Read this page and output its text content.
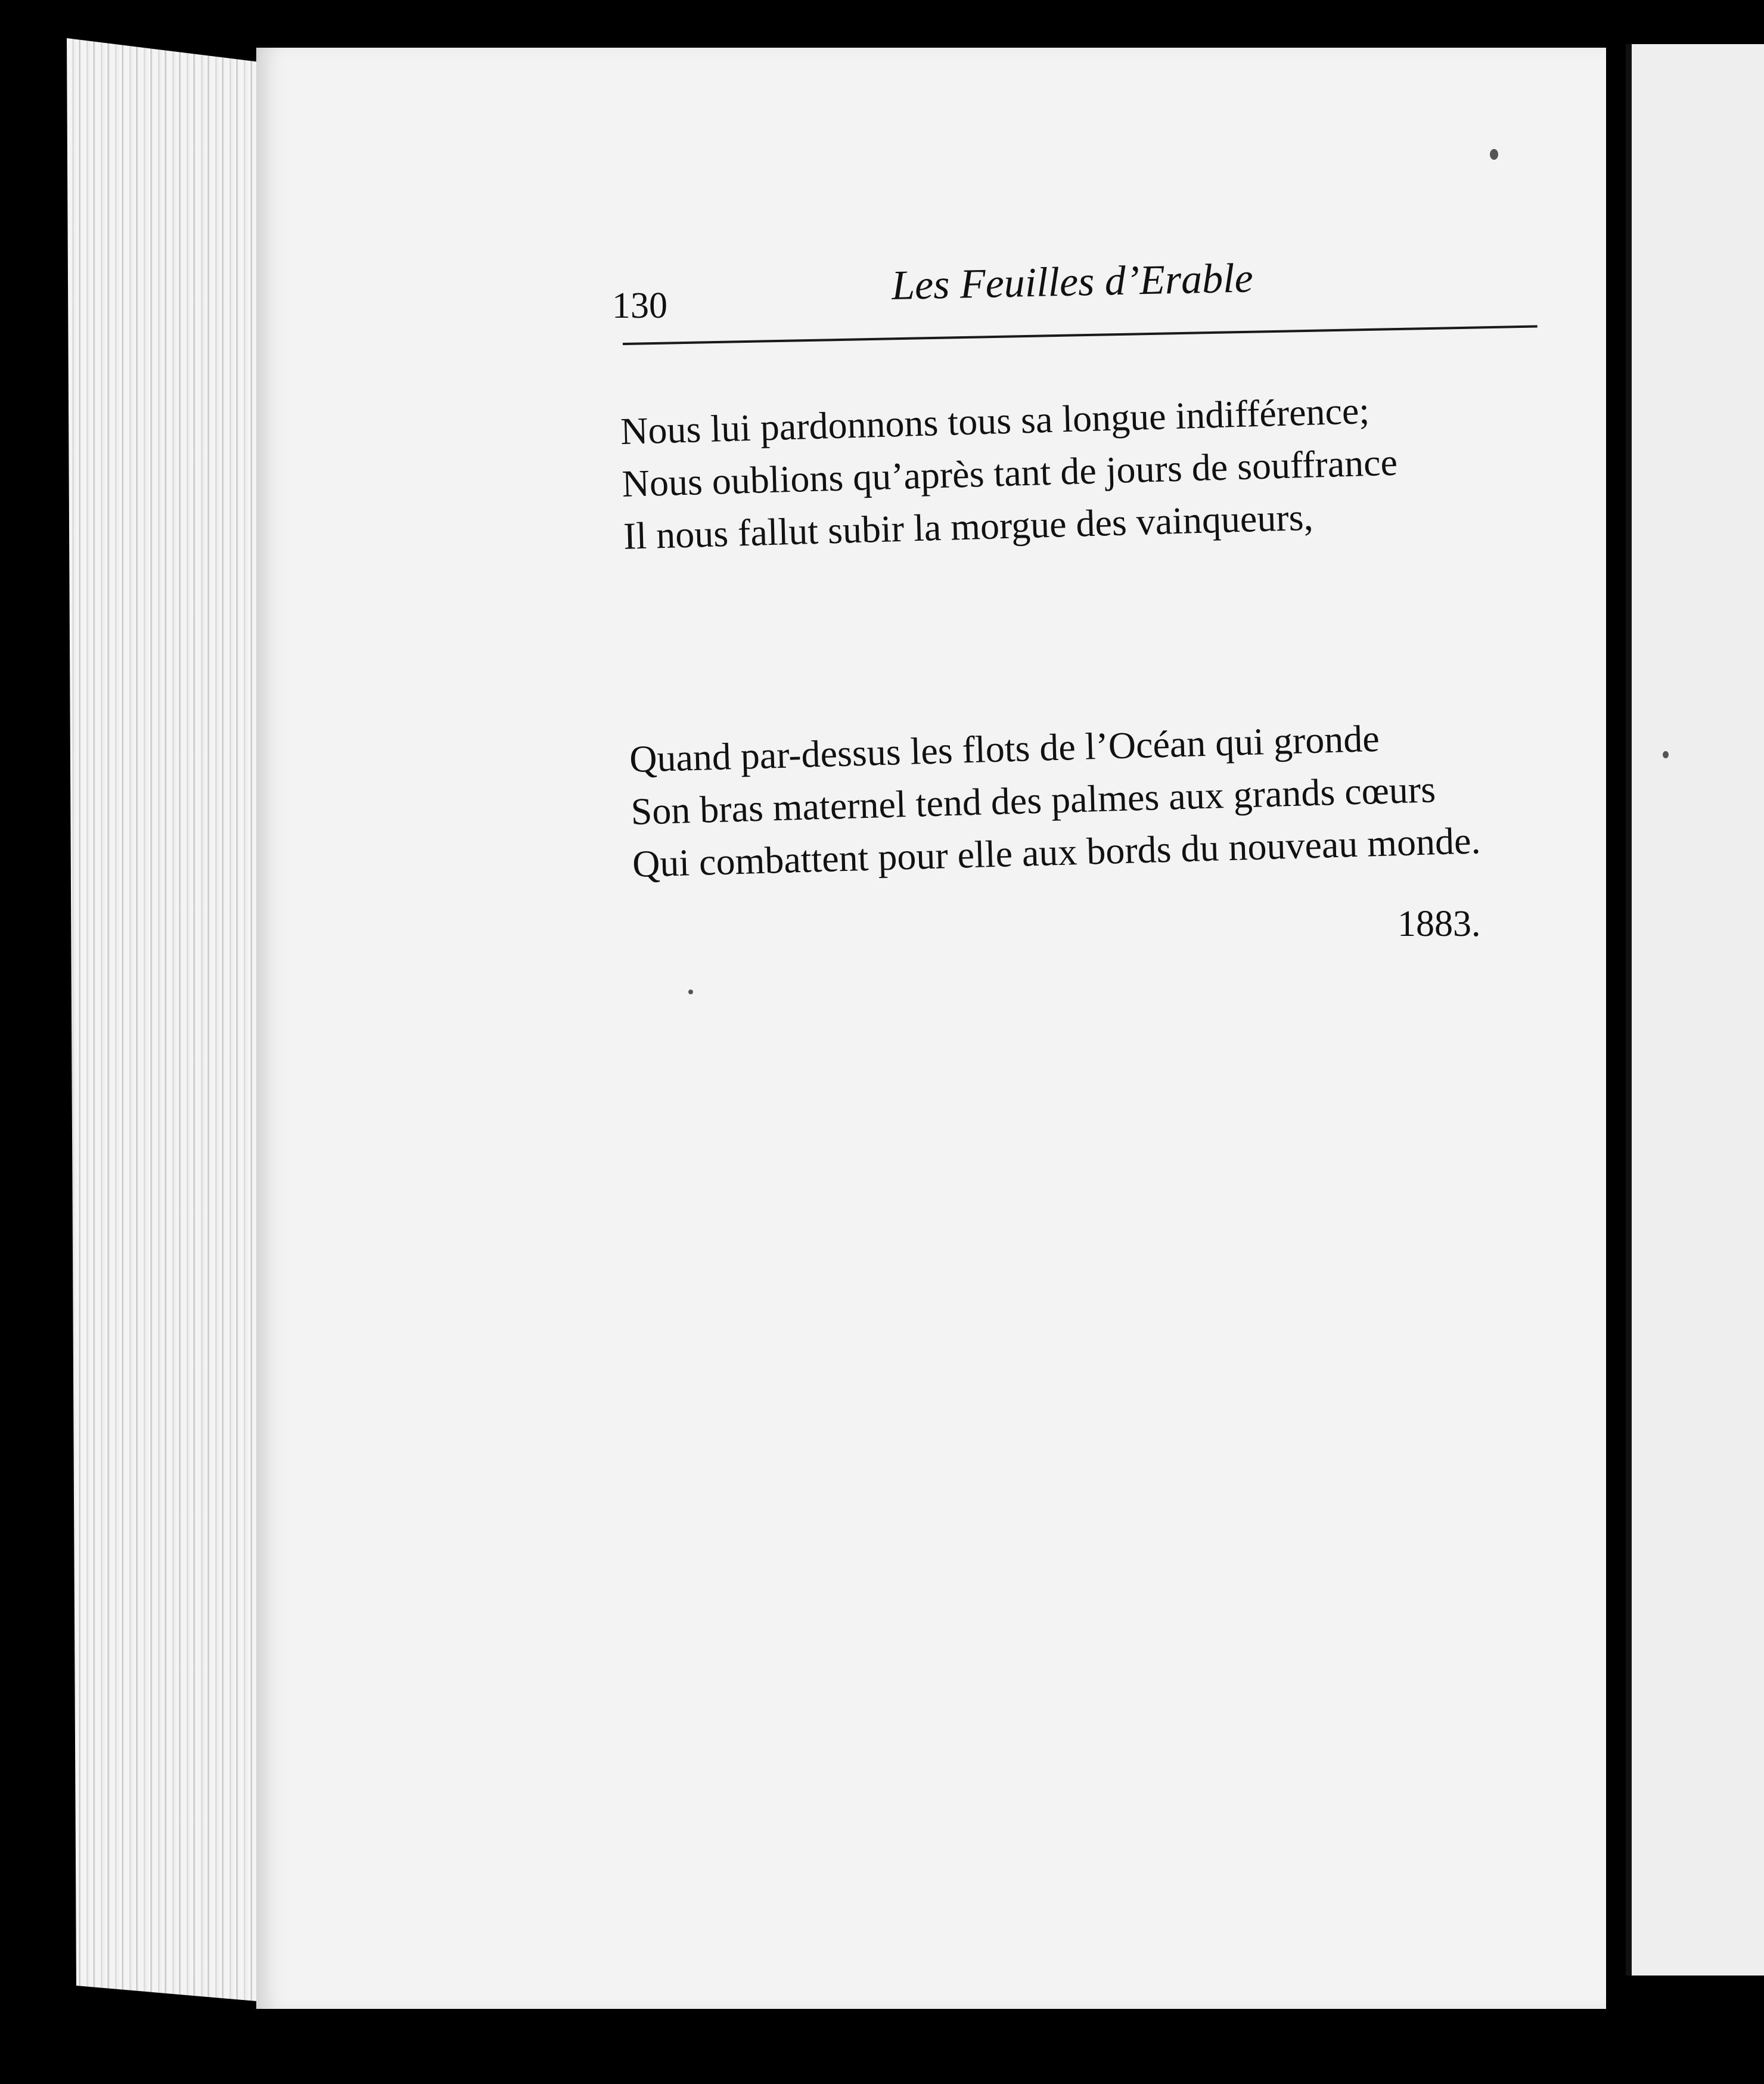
130	Les Feuilles d’Erable
Nous lui pardonnons tous sa longue indifférence;
Nous oublions qu’après tant de jours de souffrance
Il nous fallut subir la morgue des vainqueurs,
Quand par-dessus les flots de l’Océan qui gronde
Son bras maternel tend des palmes aux grands cœurs
Qui combattent pour elle aux bords du nouveau monde.
1883.
